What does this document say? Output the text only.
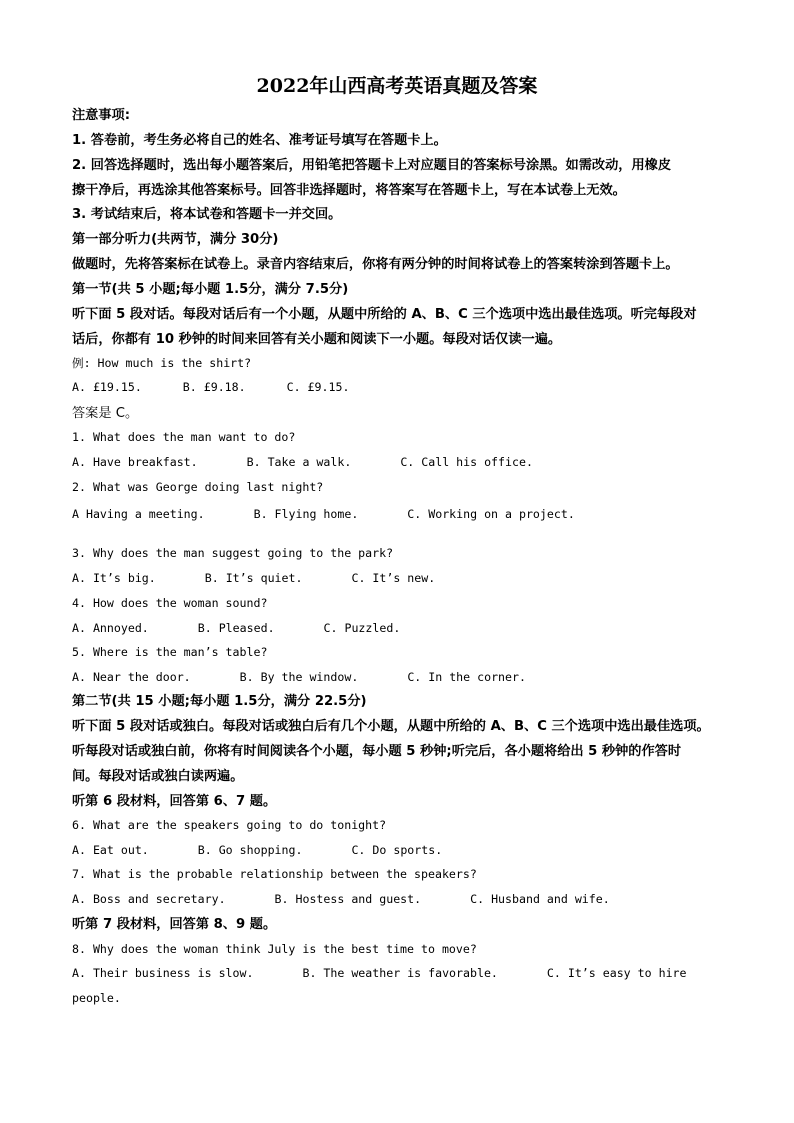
2022年山西高考英语真题及答案
注意事项:
1. 答卷前，考生务必将自己的姓名、准考证号填写在答题卡上。
2. 回答选择题时，选出每小题答案后，用铅笔把答题卡上对应题目的答案标号涂黑。如需改动，用橡皮
擦干净后，再选涂其他答案标号。回答非选择题时，将答案写在答题卡上，写在本试卷上无效。
3. 考试结束后，将本试卷和答题卡一并交回。
第一部分听力(共两节，满分 30分)
做题时，先将答案标在试卷上。录音内容结束后，你将有两分钟的时间将试卷上的答案转涂到答题卡上。
第一节(共 5 小题;每小题 1.5分，满分 7.5分)
听下面 5 段对话。每段对话后有一个小题，从题中所给的 A、B、C 三个选项中选出最佳选项。听完每段对
话后，你都有 10 秒钟的时间来回答有关小题和阅读下一小题。每段对话仅读一遍。
例: How much is the shirt?
A. £19.15.	B. £9.18.	C. £9.15.
答案是 C。
1. What does the man want to do?
A. Have breakfast.	B. Take a walk.	C. Call his office.
2. What was George doing last night?
A Having a meeting.	B. Flying home.	C. Working on a project.
3. Why does the man suggest going to the park?
A. It’s big.	B. It’s quiet.	C. It’s new.
4. How does the woman sound?
A. Annoyed.	B. Pleased.	C. Puzzled.
5. Where is the man’s table?
A. Near the door.	B. By the window.	C. In the corner.
第二节(共 15 小题;每小题 1.5分，满分 22.5分)
听下面 5 段对话或独白。每段对话或独白后有几个小题，从题中所给的 A、B、C 三个选项中选出最佳选项。
听每段对话或独白前，你将有时间阅读各个小题，每小题 5 秒钟;听完后，各小题将给出 5 秒钟的作答时
间。每段对话或独白读两遍。
听第 6 段材料，回答第 6、7 题。
6. What are the speakers going to do tonight?
A. Eat out.	B. Go shopping.	C. Do sports.
7. What is the probable relationship between the speakers?
A. Boss and secretary.	B. Hostess and guest.	C. Husband and wife.
听第 7 段材料，回答第 8、9 题。
8. Why does the woman think July is the best time to move?
A. Their business is slow.	B. The weather is favorable.	C. It’s easy to hire
people.
